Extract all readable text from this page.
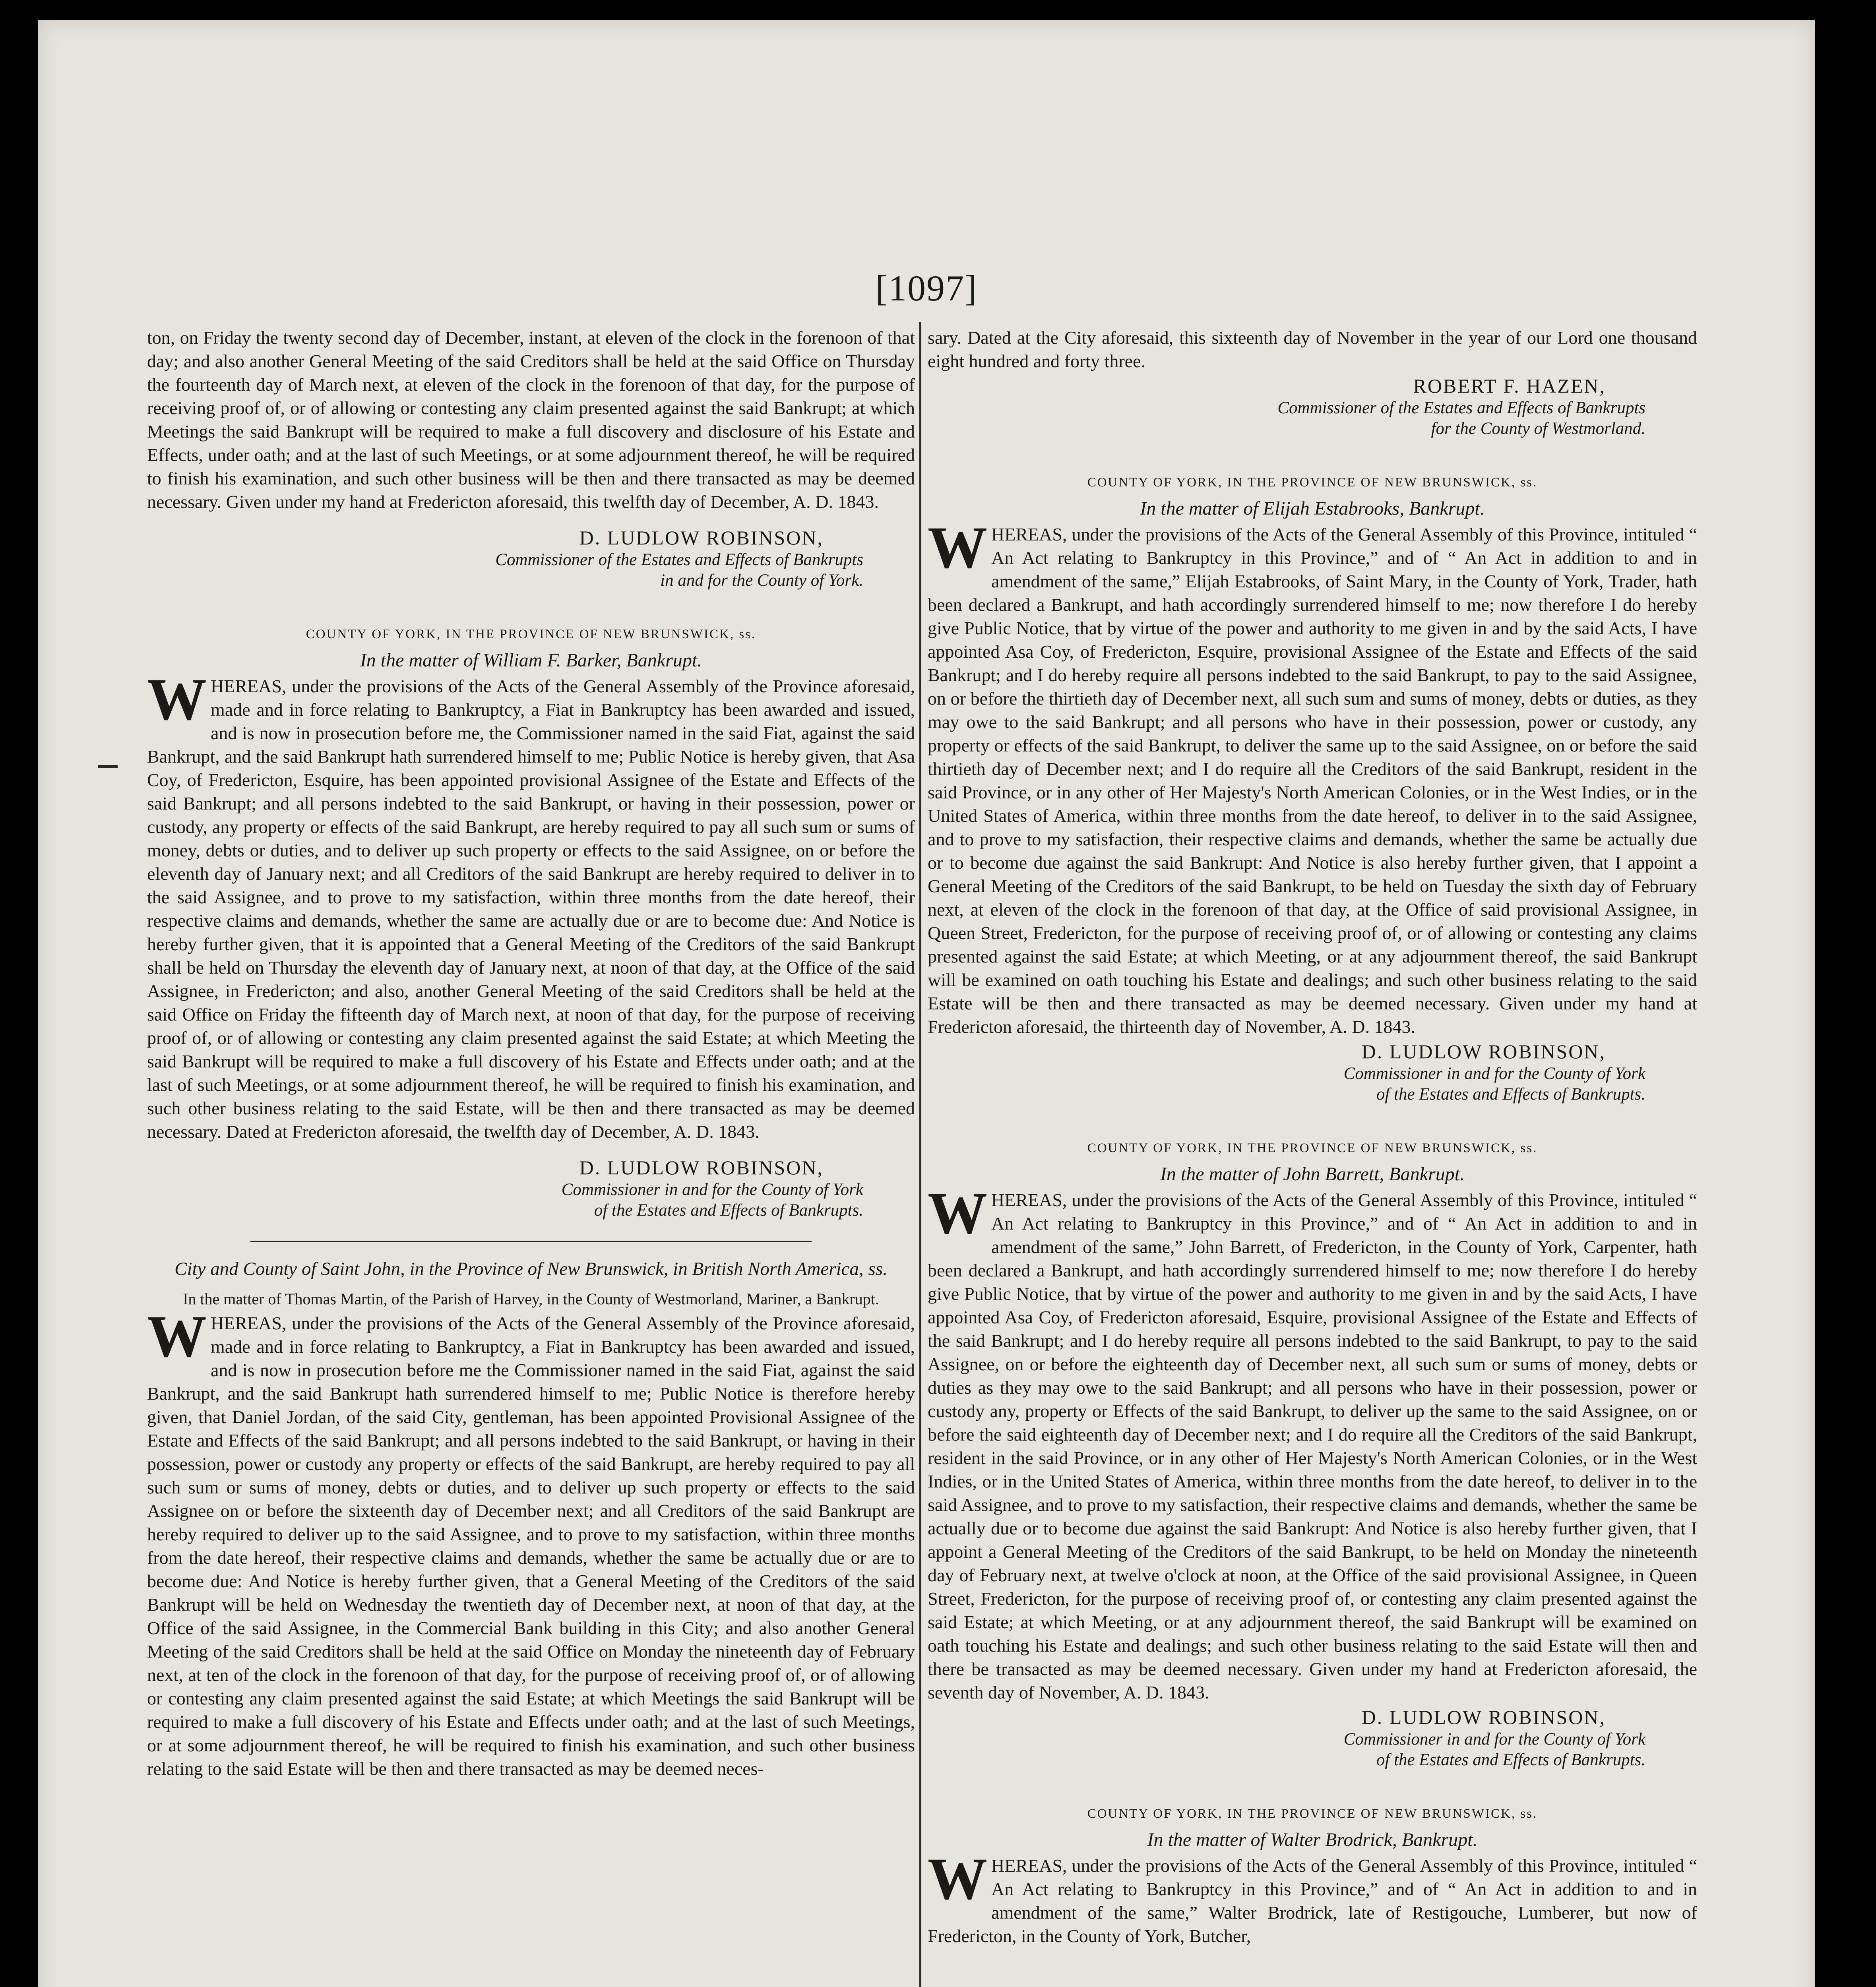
[1097]

ton, on Friday the twenty second day of December, instant, at eleven of the clock in the forenoon of that day; and also another General Meeting of the said Creditors shall be held at the said Office on Thursday the fourteenth day of March next, at eleven of the clock in the forenoon of that day, for the purpose of receiving proof of, or of allowing or contesting any claim presented against the said Bankrupt; at which Meetings the said Bankrupt will be required to make a full discovery and disclosure of his Estate and Effects, under oath; and at the last of such Meetings, or at some adjournment thereof, he will be required to finish his examination, and such other business will be then and there transacted as may be deemed necessary. Given under my hand at Fredericton aforesaid, this twelfth day of December, A. D. 1843.

D. LUDLOW ROBINSON,
Commissioner of the Estates and Effects of Bankrupts
in and for the County of York.
COUNTY OF YORK, IN THE PROVINCE OF NEW BRUNSWICK, ss.
In the matter of William F. Barker, Bankrupt.

WHEREAS, under the provisions of the Acts of the General Assembly of the Province aforesaid, made and in force relating to Bankruptcy, a Fiat in Bankruptcy has been awarded and issued, and is now in prosecution before me, the Commissioner named in the said Fiat, against the said Bankrupt, and the said Bankrupt hath surrendered himself to me; Public Notice is hereby given, that Asa Coy, of Fredericton, Esquire, has been appointed provisional Assignee of the Estate and Effects of the said Bankrupt; and all persons indebted to the said Bankrupt, or having in their possession, power or custody, any property or effects of the said Bankrupt, are hereby required to pay all such sum or sums of money, debts or duties, and to deliver up such property or effects to the said Assignee, on or before the eleventh day of January next; and all Creditors of the said Bankrupt are hereby required to deliver in to the said Assignee, and to prove to my satisfaction, within three months from the date hereof, their respective claims and demands, whether the same are actually due or are to become due: And Notice is hereby further given, that it is appointed that a General Meeting of the Creditors of the said Bankrupt shall be held on Thursday the eleventh day of January next, at noon of that day, at the Office of the said Assignee, in Fredericton; and also, another General Meeting of the said Creditors shall be held at the said Office on Friday the fifteenth day of March next, at noon of that day, for the purpose of receiving proof of, or of allowing or contesting any claim presented against the said Estate; at which Meeting the said Bankrupt will be required to make a full discovery of his Estate and Effects under oath; and at the last of such Meetings, or at some adjournment thereof, he will be required to finish his examination, and such other business relating to the said Estate, will be then and there transacted as may be deemed necessary. Dated at Fredericton aforesaid, the twelfth day of December, A. D. 1843.

D. LUDLOW ROBINSON,
Commissioner in and for the County of York
of the Estates and Effects of Bankrupts.
City and County of Saint John, in the Province of New Brunswick, in British North America, ss.
In the matter of Thomas Martin, of the Parish of Harvey, in the County of Westmorland, Mariner, a Bankrupt.

WHEREAS, under the provisions of the Acts of the General Assembly of the Province aforesaid, made and in force relating to Bankruptcy, a Fiat in Bankruptcy has been awarded and issued, and is now in prosecution before me the Commissioner named in the said Fiat, against the said Bankrupt, and the said Bankrupt hath surrendered himself to me; Public Notice is therefore hereby given, that Daniel Jordan, of the said City, gentleman, has been appointed Provisional Assignee of the Estate and Effects of the said Bankrupt; and all persons indebted to the said Bankrupt, or having in their possession, power or custody any property or effects of the said Bankrupt, are hereby required to pay all such sum or sums of money, debts or duties, and to deliver up such property or effects to the said Assignee on or before the sixteenth day of December next; and all Creditors of the said Bankrupt are hereby required to deliver up to the said Assignee, and to prove to my satisfaction, within three months from the date hereof, their respective claims and demands, whether the same be actually due or are to become due: And Notice is hereby further given, that a General Meeting of the Creditors of the said Bankrupt will be held on Wednesday the twentieth day of December next, at noon of that day, at the Office of the said Assignee, in the Commercial Bank building in this City; and also another General Meeting of the said Creditors shall be held at the said Office on Monday the nineteenth day of February next, at ten of the clock in the forenoon of that day, for the purpose of receiving proof of, or of allowing or contesting any claim presented against the said Estate; at which Meetings the said Bankrupt will be required to make a full discovery of his Estate and Effects under oath; and at the last of such Meetings, or at some adjournment thereof, he will be required to finish his examination, and such other business relating to the said Estate will be then and there transacted as may be deemed neces-

sary. Dated at the City aforesaid, this sixteenth day of November in the year of our Lord one thousand eight hundred and forty three.

ROBERT F. HAZEN,
Commissioner of the Estates and Effects of Bankrupts
for the County of Westmorland.
COUNTY OF YORK, IN THE PROVINCE OF NEW BRUNSWICK, ss.
In the matter of Elijah Estabrooks, Bankrupt.

WHEREAS, under the provisions of the Acts of the General Assembly of this Province, intituled “ An Act relating to Bankruptcy in this Province,” and of “ An Act in addition to and in amendment of the same,” Elijah Estabrooks, of Saint Mary, in the County of York, Trader, hath been declared a Bankrupt, and hath accordingly surrendered himself to me; now therefore I do hereby give Public Notice, that by virtue of the power and authority to me given in and by the said Acts, I have appointed Asa Coy, of Fredericton, Esquire, provisional Assignee of the Estate and Effects of the said Bankrupt; and I do hereby require all persons indebted to the said Bankrupt, to pay to the said Assignee, on or before the thirtieth day of December next, all such sum and sums of money, debts or duties, as they may owe to the said Bankrupt; and all persons who have in their possession, power or custody, any property or effects of the said Bankrupt, to deliver the same up to the said Assignee, on or before the said thirtieth day of December next; and I do require all the Creditors of the said Bankrupt, resident in the said Province, or in any other of Her Majesty's North American Colonies, or in the West Indies, or in the United States of America, within three months from the date hereof, to deliver in to the said Assignee, and to prove to my satisfaction, their respective claims and demands, whether the same be actually due or to become due against the said Bankrupt: And Notice is also hereby further given, that I appoint a General Meeting of the Creditors of the said Bankrupt, to be held on Tuesday the sixth day of February next, at eleven of the clock in the forenoon of that day, at the Office of said provisional Assignee, in Queen Street, Fredericton, for the purpose of receiving proof of, or of allowing or contesting any claims presented against the said Estate; at which Meeting, or at any adjournment thereof, the said Bankrupt will be examined on oath touching his Estate and dealings; and such other business relating to the said Estate will be then and there transacted as may be deemed necessary. Given under my hand at Fredericton aforesaid, the thirteenth day of November, A. D. 1843.

D. LUDLOW ROBINSON,
Commissioner in and for the County of York
of the Estates and Effects of Bankrupts.
COUNTY OF YORK, IN THE PROVINCE OF NEW BRUNSWICK, ss.
In the matter of John Barrett, Bankrupt.

WHEREAS, under the provisions of the Acts of the General Assembly of this Province, intituled “ An Act relating to Bankruptcy in this Province,” and of “ An Act in addition to and in amendment of the same,” John Barrett, of Fredericton, in the County of York, Carpenter, hath been declared a Bankrupt, and hath accordingly surrendered himself to me; now therefore I do hereby give Public Notice, that by virtue of the power and authority to me given in and by the said Acts, I have appointed Asa Coy, of Fredericton aforesaid, Esquire, provisional Assignee of the Estate and Effects of the said Bankrupt; and I do hereby require all persons indebted to the said Bankrupt, to pay to the said Assignee, on or before the eighteenth day of December next, all such sum or sums of money, debts or duties as they may owe to the said Bankrupt; and all persons who have in their possession, power or custody any, property or Effects of the said Bankrupt, to deliver up the same to the said Assignee, on or before the said eighteenth day of December next; and I do require all the Creditors of the said Bankrupt, resident in the said Province, or in any other of Her Majesty's North American Colonies, or in the West Indies, or in the United States of America, within three months from the date hereof, to deliver in to the said Assignee, and to prove to my satisfaction, their respective claims and demands, whether the same be actually due or to become due against the said Bankrupt: And Notice is also hereby further given, that I appoint a General Meeting of the Creditors of the said Bankrupt, to be held on Monday the nineteenth day of February next, at twelve o'clock at noon, at the Office of the said provisional Assignee, in Queen Street, Fredericton, for the purpose of receiving proof of, or contesting any claim presented against the said Estate; at which Meeting, or at any adjournment thereof, the said Bankrupt will be examined on oath touching his Estate and dealings; and such other business relating to the said Estate will then and there be transacted as may be deemed necessary. Given under my hand at Fredericton aforesaid, the seventh day of November, A. D. 1843.

D. LUDLOW ROBINSON,
Commissioner in and for the County of York
of the Estates and Effects of Bankrupts.
COUNTY OF YORK, IN THE PROVINCE OF NEW BRUNSWICK, ss.
In the matter of Walter Brodrick, Bankrupt.

WHEREAS, under the provisions of the Acts of the General Assembly of this Province, intituled “ An Act relating to Bankruptcy in this Province,” and of “ An Act in addition to and in amendment of the same,” Walter Brodrick, late of Restigouche, Lumberer, but now of Fredericton, in the County of York, Butcher,
